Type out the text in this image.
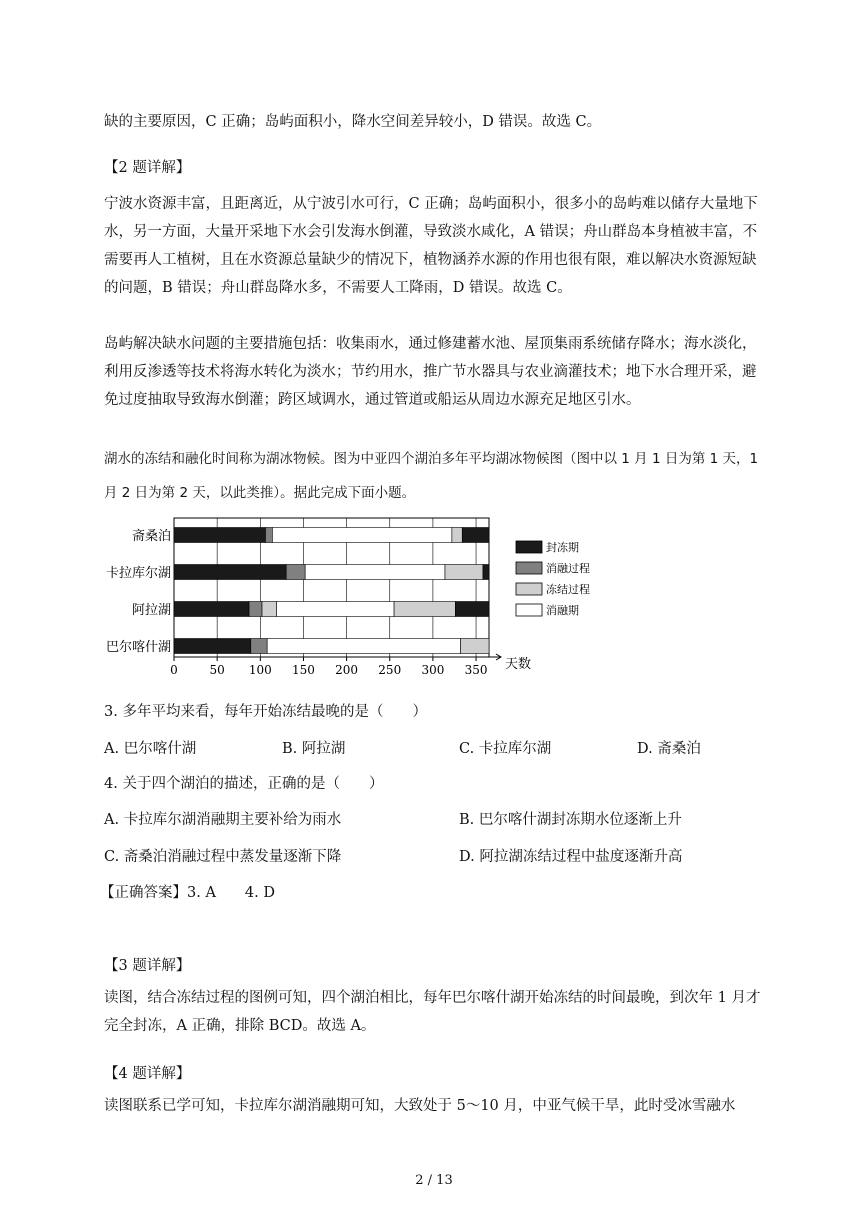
缺的主要原因，C 正确；岛屿面积小，降水空间差异较小，D 错误。故选 C。

【2 题详解】

宁波水资源丰富，且距离近，从宁波引水可行，C 正确；岛屿面积小，很多小的岛屿难以储存大量地下水，另一方面，大量开采地下水会引发海水倒灌，导致淡水咸化，A 错误；舟山群岛本身植被丰富，不需要再人工植树，且在水资源总量缺少的情况下，植物涵养水源的作用也很有限，难以解决水资源短缺的问题，B 错误；舟山群岛降水多，不需要人工降雨，D 错误。故选 C。

岛屿解决缺水问题的主要措施包括：收集雨水，通过修建蓄水池、屋顶集雨系统储存降水；海水淡化，利用反渗透等技术将海水转化为淡水；节约用水，推广节水器具与农业滴灌技术；地下水合理开采，避免过度抽取导致海水倒灌；跨区域调水，通过管道或船运从周边水源充足地区引水。

湖水的冻结和融化时间称为湖冰物候。图为中亚四个湖泊多年平均湖冰物候图（图中以 1 月 1 日为第 1 天，1 月 2 日为第 2 天，以此类推）。据此完成下面小题。

斋桑泊
卡拉库尔湖
阿拉湖
巴尔喀什湖
0	50 100 150 200 250 300 350 天数
封冻期
消融过程
冻结过程
消融期

3. 多年平均来看，每年开始冻结最晚的是（　　）

A. 巴尔喀什湖	B. 阿拉湖	C. 卡拉库尔湖	D. 斋桑泊

4. 关于四个湖泊的描述，正确的是（　　）

A. 卡拉库尔湖消融期主要补给为雨水	B. 巴尔喀什湖封冻期水位逐渐上升
C. 斋桑泊消融过程中蒸发量逐渐下降	D. 阿拉湖冻结过程中盐度逐渐升高

【正确答案】3. A　　4. D

【3 题详解】

读图，结合冻结过程的图例可知，四个湖泊相比，每年巴尔喀什湖开始冻结的时间最晚，到次年 1 月才完全封冻，A 正确，排除 BCD。故选 A。

【4 题详解】

读图联系已学可知，卡拉库尔湖消融期可知，大致处于 5～10 月，中亚气候干旱，此时受冰雪融水

2 / 13
